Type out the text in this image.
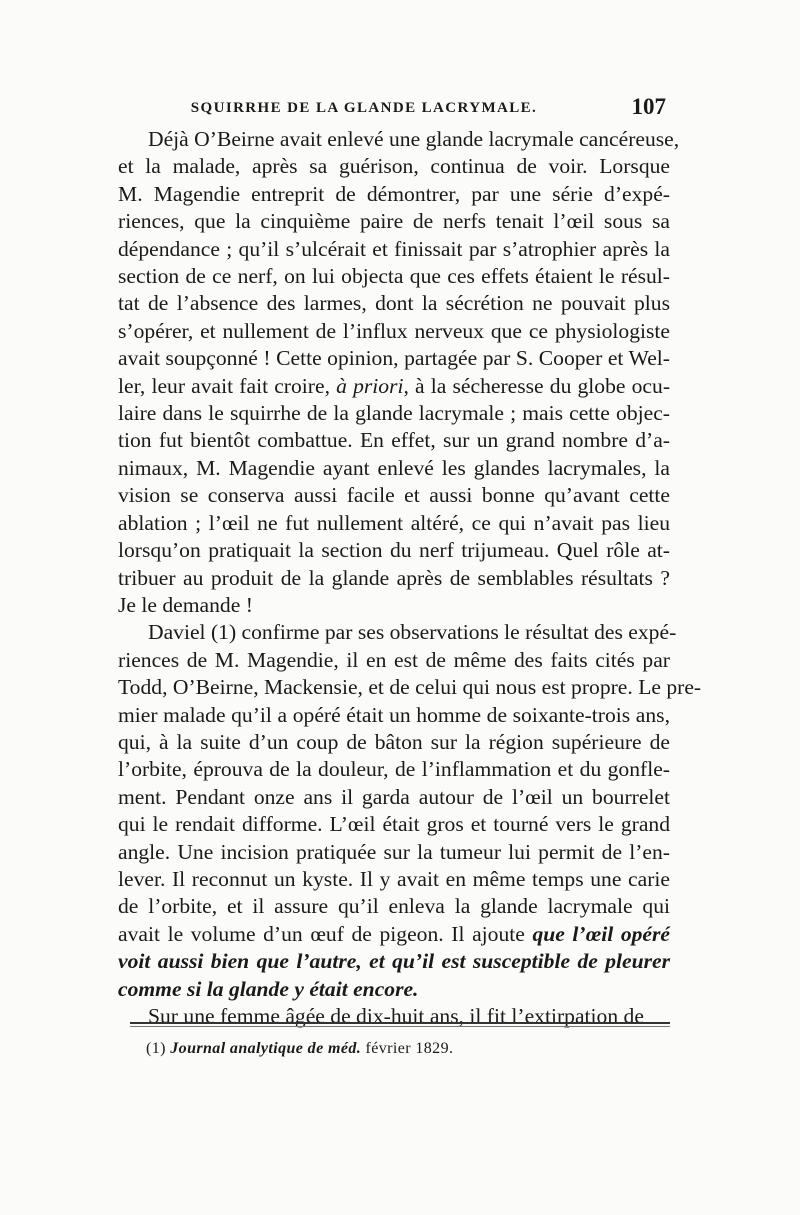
SQUIRRHE DE LA GLANDE LACRYMALE.	107

Déjà O’Beirne avait enlevé une glande lacrymale cancéreuse,
et la malade, après sa guérison, continua de voir. Lorsque
M. Magendie entreprit de démontrer, par une série d’expé-
riences, que la cinquième paire de nerfs tenait l’œil sous sa
dépendance ; qu’il s’ulcérait et finissait par s’atrophier après la
section de ce nerf, on lui objecta que ces effets étaient le résul-
tat de l’absence des larmes, dont la sécrétion ne pouvait plus
s’opérer, et nullement de l’influx nerveux que ce physiologiste
avait soupçonné ! Cette opinion, partagée par S. Cooper et Wel-
ler, leur avait fait croire, à priori, à la sécheresse du globe ocu-
laire dans le squirrhe de la glande lacrymale ; mais cette objec-
tion fut bientôt combattue. En effet, sur un grand nombre d’a-
nimaux, M. Magendie ayant enlevé les glandes lacrymales, la
vision se conserva aussi facile et aussi bonne qu’avant cette
ablation ; l’œil ne fut nullement altéré, ce qui n’avait pas lieu
lorsqu’on pratiquait la section du nerf trijumeau. Quel rôle at-
tribuer au produit de la glande après de semblables résultats ?
Je le demande !

Daviel (1) confirme par ses observations le résultat des expé-
riences de M. Magendie, il en est de même des faits cités par
Todd, O’Beirne, Mackensie, et de celui qui nous est propre. Le pre-
mier malade qu’il a opéré était un homme de soixante-trois ans,
qui, à la suite d’un coup de bâton sur la région supérieure de
l’orbite, éprouva de la douleur, de l’inflammation et du gonfle-
ment. Pendant onze ans il garda autour de l’œil un bourrelet
qui le rendait difforme. L’œil était gros et tourné vers le grand
angle. Une incision pratiquée sur la tumeur lui permit de l’en-
lever. Il reconnut un kyste. Il y avait en même temps une carie
de l’orbite, et il assure qu’il enleva la glande lacrymale qui
avait le volume d’un œuf de pigeon. Il ajoute que l’œil opéré
voit aussi bien que l’autre, et qu’il est susceptible de pleurer
comme si la glande y était encore.

Sur une femme âgée de dix-huit ans, il fit l’extirpation de

(1) Journal analytique de méd. février 1829.
